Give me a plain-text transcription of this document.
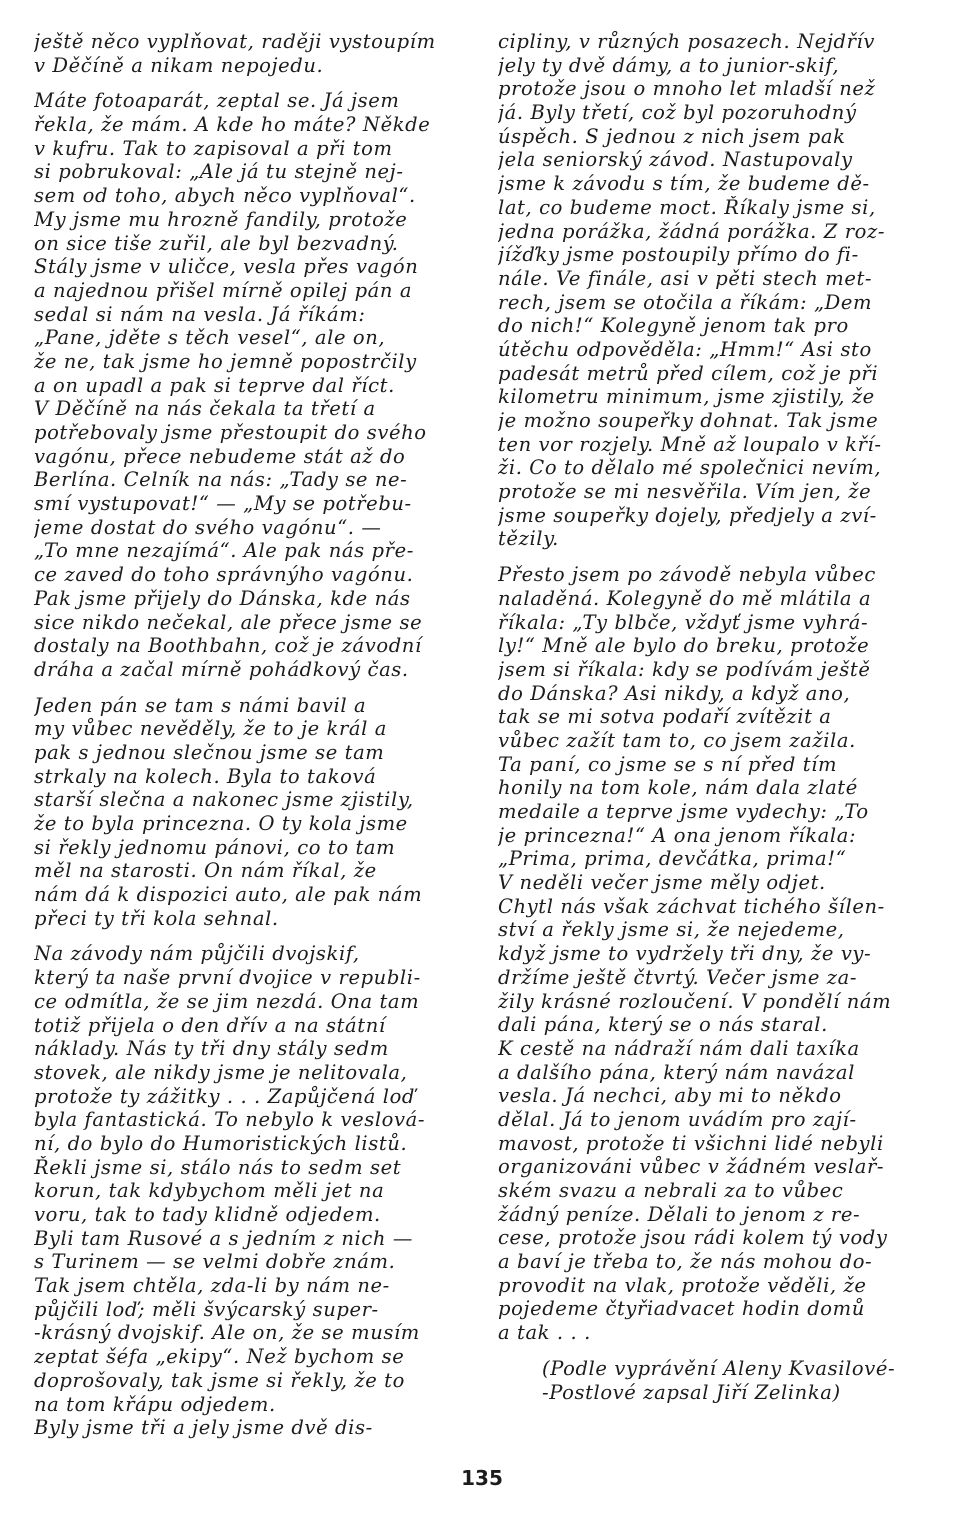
ještě něco vyplňovat, raději vystoupím
v Děčíně a nikam nepojedu.
Máte fotoaparát, zeptal se. Já jsem
řekla, že mám. A kde ho máte? Někde
v kufru. Tak to zapisoval a při tom
si pobrukoval: „Ale já tu stejně nej-
sem od toho, abych něco vyplňoval“.
My jsme mu hrozně fandily, protože
on sice tiše zuřil, ale byl bezvadný.
Stály jsme v uličce, vesla přes vagón
a najednou přišel mírně opilej pán a
sedal si nám na vesla. Já říkám:
„Pane, jděte s těch vesel“, ale on,
že ne, tak jsme ho jemně popostrčily
a on upadl a pak si teprve dal říct.
V Děčíně na nás čekala ta třetí a
potřebovaly jsme přestoupit do svého
vagónu, přece nebudeme stát až do
Berlína. Celník na nás: „Tady se ne-
smí vystupovat!“ — „My se potřebu-
jeme dostat do svého vagónu“. —
„To mne nezajímá“. Ale pak nás pře-
ce zaved do toho správnýho vagónu.
Pak jsme přijely do Dánska, kde nás
sice nikdo nečekal, ale přece jsme se
dostaly na Boothbahn, což je závodní
dráha a začal mírně pohádkový čas.
Jeden pán se tam s námi bavil a
my vůbec nevěděly, že to je král a
pak s jednou slečnou jsme se tam
strkaly na kolech. Byla to taková
starší slečna a nakonec jsme zjistily,
že to byla princezna. O ty kola jsme
si řekly jednomu pánovi, co to tam
měl na starosti. On nám říkal, že
nám dá k dispozici auto, ale pak nám
přeci ty tři kola sehnal.
Na závody nám půjčili dvojskif,
který ta naše první dvojice v republi-
ce odmítla, že se jim nezdá. Ona tam
totiž přijela o den dřív a na státní
náklady. Nás ty tři dny stály sedm
stovek, ale nikdy jsme je nelitovala,
protože ty zážitky . . . Zapůjčená loď
byla fantastická. To nebylo k veslová-
ní, do bylo do Humoristických listů.
Řekli jsme si, stálo nás to sedm set
korun, tak kdybychom měli jet na
voru, tak to tady klidně odjedem.
Byli tam Rusové a s jedním z nich —
s Turinem — se velmi dobře znám.
Tak jsem chtěla, zda-li by nám ne-
půjčili loď; měli švýcarský super-
-krásný dvojskif. Ale on, že se musím
zeptat šéfa „ekipy“. Než bychom se
doprošovaly, tak jsme si řekly, že to
na tom křápu odjedem.
Byly jsme tři a jely jsme dvě dis-
cipliny, v různých posazech. Nejdřív
jely ty dvě dámy, a to junior-skif,
protože jsou o mnoho let mladší než
já. Byly třetí, což byl pozoruhodný
úspěch. S jednou z nich jsem pak
jela seniorský závod. Nastupovaly
jsme k závodu s tím, že budeme dě-
lat, co budeme moct. Říkaly jsme si,
jedna porážka, žádná porážka. Z roz-
jížďky jsme postoupily přímo do fi-
nále. Ve finále, asi v pěti stech met-
rech, jsem se otočila a říkám: „Dem
do nich!“ Kolegyně jenom tak pro
útěchu odpověděla: „Hmm!“ Asi sto
padesát metrů před cílem, což je při
kilometru minimum, jsme zjistily, že
je možno soupeřky dohnat. Tak jsme
ten vor rozjely. Mně až loupalo v kří-
ži. Co to dělalo mé společnici nevím,
protože se mi nesvěřila. Vím jen, že
jsme soupeřky dojely, předjely a zví-
tězily.
Přesto jsem po závodě nebyla vůbec
naladěná. Kolegyně do mě mlátila a
říkala: „Ty blbče, vždyť jsme vyhrá-
ly!“ Mně ale bylo do breku, protože
jsem si říkala: kdy se podívám ještě
do Dánska? Asi nikdy, a když ano,
tak se mi sotva podaří zvítězit a
vůbec zažít tam to, co jsem zažila.
Ta paní, co jsme se s ní před tím
honily na tom kole, nám dala zlaté
medaile a teprve jsme vydechy: „To
je princezna!“ A ona jenom říkala:
„Prima, prima, devčátka, prima!“
V neděli večer jsme měly odjet.
Chytl nás však záchvat tichého šílen-
ství a řekly jsme si, že nejedeme,
když jsme to vydržely tři dny, že vy-
držíme ještě čtvrtý. Večer jsme za-
žily krásné rozloučení. V pondělí nám
dali pána, který se o nás staral.
K cestě na nádraží nám dali taxíka
a dalšího pána, který nám navázal
vesla. Já nechci, aby mi to někdo
dělal. Já to jenom uvádím pro zají-
mavost, protože ti všichni lidé nebyli
organizováni vůbec v žádném veslař-
ském svazu a nebrali za to vůbec
žádný peníze. Dělali to jenom z re-
cese, protože jsou rádi kolem tý vody
a baví je třeba to, že nás mohou do-
provodit na vlak, protože věděli, že
pojedeme čtyřiadvacet hodin domů
a tak . . .
(Podle vyprávění Aleny Kvasilové-
-Postlové zapsal Jiří Zelinka)
135
